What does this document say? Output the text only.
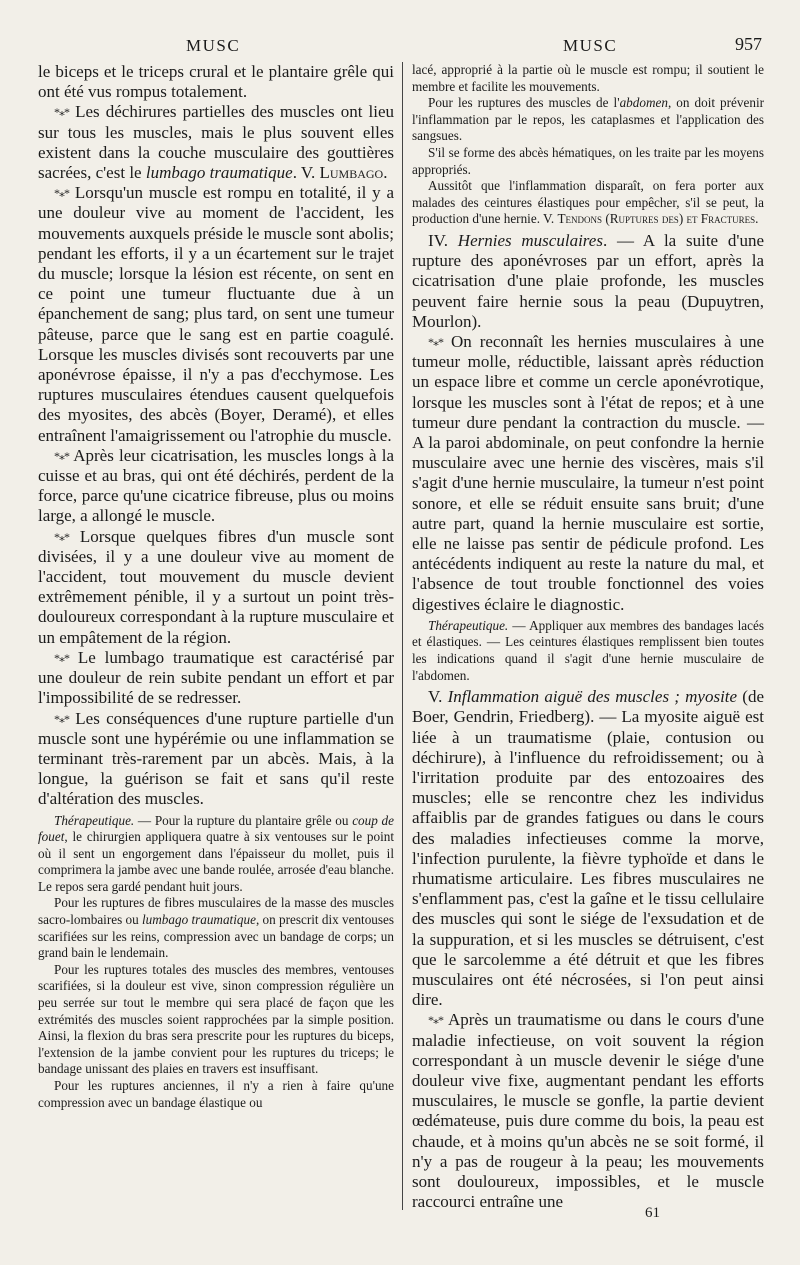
MUSC	MUSC	957

le biceps et le triceps crural et le plantaire grêle qui ont été vus rompus totalement.

*⁎* Les déchirures partielles des muscles ont lieu sur tous les muscles, mais le plus souvent elles existent dans la couche musculaire des gouttières sacrées, c'est le lumbago traumatique. V. Lumbago.

*⁎* Lorsqu'un muscle est rompu en totalité, il y a une douleur vive au moment de l'accident, les mouvements auxquels préside le muscle sont abolis; pendant les efforts, il y a un écartement sur le trajet du muscle; lorsque la lésion est récente, on sent en ce point une tumeur fluctuante due à un épanchement de sang; plus tard, on sent une tumeur pâteuse, parce que le sang est en partie coagulé. Lorsque les muscles divisés sont recouverts par une aponévrose épaisse, il n'y a pas d'ecchymose. Les ruptures musculaires étendues causent quelquefois des myosites, des abcès (Boyer, Deramé), et elles entraînent l'amaigrissement ou l'atrophie du muscle.

*⁎* Après leur cicatrisation, les muscles longs à la cuisse et au bras, qui ont été déchirés, perdent de la force, parce qu'une cicatrice fibreuse, plus ou moins large, a allongé le muscle.

*⁎* Lorsque quelques fibres d'un muscle sont divisées, il y a une douleur vive au moment de l'accident, tout mouvement du muscle devient extrêmement pénible, il y a surtout un point très-douloureux correspondant à la rupture musculaire et un empâtement de la région.

*⁎* Le lumbago traumatique est caractérisé par une douleur de rein subite pendant un effort et par l'impossibilité de se redresser.

*⁎* Les conséquences d'une rupture partielle d'un muscle sont une hypérémie ou une inflammation se terminant très-rarement par un abcès. Mais, à la longue, la guérison se fait et sans qu'il reste d'altération des muscles.

Thérapeutique. — Pour la rupture du plantaire grêle ou coup de fouet, le chirurgien appliquera quatre à six ventouses sur le point où il sent un engorgement dans l'épaisseur du mollet, puis il comprimera la jambe avec une bande roulée, arrosée d'eau blanche. Le repos sera gardé pendant huit jours.

Pour les ruptures de fibres musculaires de la masse des muscles sacro-lombaires ou lumbago traumatique, on prescrit dix ventouses scarifiées sur les reins, compression avec un bandage de corps; un grand bain le lendemain.

Pour les ruptures totales des muscles des membres, ventouses scarifiées, si la douleur est vive, sinon compression régulière un peu serrée sur tout le membre qui sera placé de façon que les extrémités des muscles soient rapprochées par la simple position. Ainsi, la flexion du bras sera prescrite pour les ruptures du biceps, l'extension de la jambe convient pour les ruptures du triceps; le bandage unissant des plaies en travers est insuffisant.

Pour les ruptures anciennes, il n'y a rien à faire qu'une compression avec un bandage élastique ou

lacé, approprié à la partie où le muscle est rompu; il soutient le membre et facilite les mouvements.

Pour les ruptures des muscles de l'abdomen, on doit prévenir l'inflammation par le repos, les cataplasmes et l'application des sangsues.

S'il se forme des abcès hématiques, on les traite par les moyens appropriés.

Aussitôt que l'inflammation disparaît, on fera porter aux malades des ceintures élastiques pour empêcher, s'il se peut, la production d'une hernie. V. Tendons (Ruptures des) et Fractures.

IV. Hernies musculaires. — A la suite d'une rupture des aponévroses par un effort, après la cicatrisation d'une plaie profonde, les muscles peuvent faire hernie sous la peau (Dupuytren, Mourlon).

*⁎* On reconnaît les hernies musculaires à une tumeur molle, réductible, laissant après réduction un espace libre et comme un cercle aponévrotique, lorsque les muscles sont à l'état de repos; et à une tumeur dure pendant la contraction du muscle. — A la paroi abdominale, on peut confondre la hernie musculaire avec une hernie des viscères, mais s'il s'agit d'une hernie musculaire, la tumeur n'est point sonore, et elle se réduit ensuite sans bruit; d'une autre part, quand la hernie musculaire est sortie, elle ne laisse pas sentir de pédicule profond. Les antécédents indiquent au reste la nature du mal, et l'absence de tout trouble fonctionnel des voies digestives éclaire le diagnostic.

Thérapeutique. — Appliquer aux membres des bandages lacés et élastiques. — Les ceintures élastiques remplissent bien toutes les indications quand il s'agit d'une hernie musculaire de l'abdomen.

V. Inflammation aiguë des muscles ; myosite (de Boer, Gendrin, Friedberg). — La myosite aiguë est liée à un traumatisme (plaie, contusion ou déchirure), à l'influence du refroidissement; ou à l'irritation produite par des entozoaires des muscles; elle se rencontre chez les individus affaiblis par de grandes fatigues ou dans le cours des maladies infectieuses comme la morve, l'infection purulente, la fièvre typhoïde et dans le rhumatisme articulaire. Les fibres musculaires ne s'enflamment pas, c'est la gaîne et le tissu cellulaire des muscles qui sont le siége de l'exsudation et de la suppuration, et si les muscles se détruisent, c'est que le sarcolemme a été détruit et que les fibres musculaires ont été nécrosées, si l'on peut ainsi dire.

*⁎* Après un traumatisme ou dans le cours d'une maladie infectieuse, on voit souvent la région correspondant à un muscle devenir le siége d'une douleur vive fixe, augmentant pendant les efforts musculaires, le muscle se gonfle, la partie devient œdémateuse, puis dure comme du bois, la peau est chaude, et à moins qu'un abcès ne se soit formé, il n'y a pas de rougeur à la peau; les mouvements sont douloureux, impossibles, et le muscle raccourci entraîne une

61
